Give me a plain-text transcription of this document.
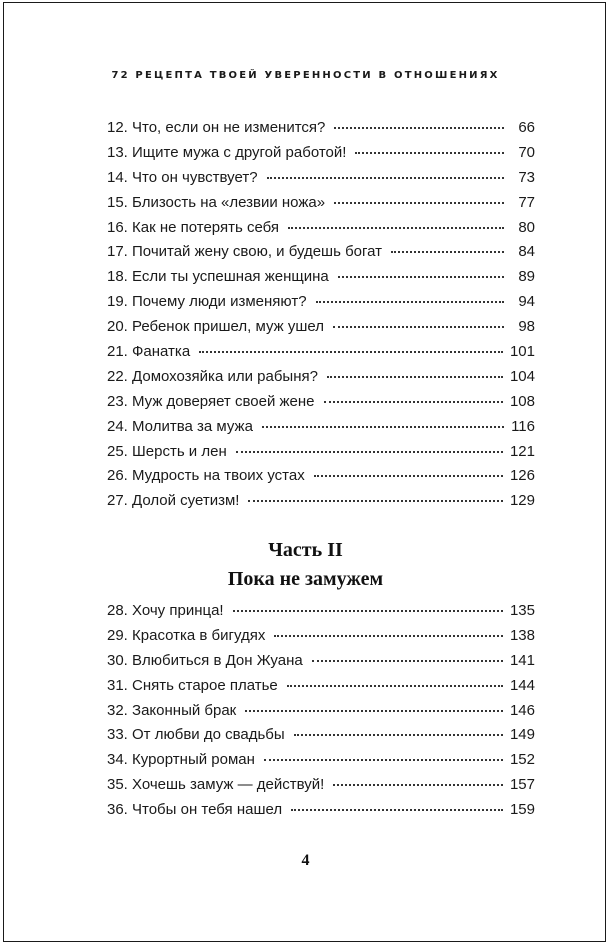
72 РЕЦЕПТА ТВОЕЙ УВЕРЕННОСТИ В ОТНОШЕНИЯХ
12. Что, если он не изменится?	66
13. Ищите мужа с другой работой!	70
14. Что он чувствует?	73
15. Близость на «лезвии ножа»	77
16. Как не потерять себя	80
17. Почитай жену свою, и будешь богат	84
18. Если ты успешная женщина	89
19. Почему люди изменяют?	94
20. Ребенок пришел, муж ушел	98
21. Фанатка	101
22. Домохозяйка или рабыня?	104
23. Муж доверяет своей жене	108
24. Молитва за мужа	116
25. Шерсть и лен	121
26. Мудрость на твоих устах	126
27. Долой суетизм!	129
Часть II
Пока не замужем
28. Хочу принца!	135
29. Красотка в бигудях	138
30. Влюбиться в Дон Жуана	141
31. Снять старое платье	144
32. Законный брак	146
33. От любви до свадьбы	149
34. Курортный роман	152
35. Хочешь замуж — действуй!	157
36. Чтобы он тебя нашел	159
4
